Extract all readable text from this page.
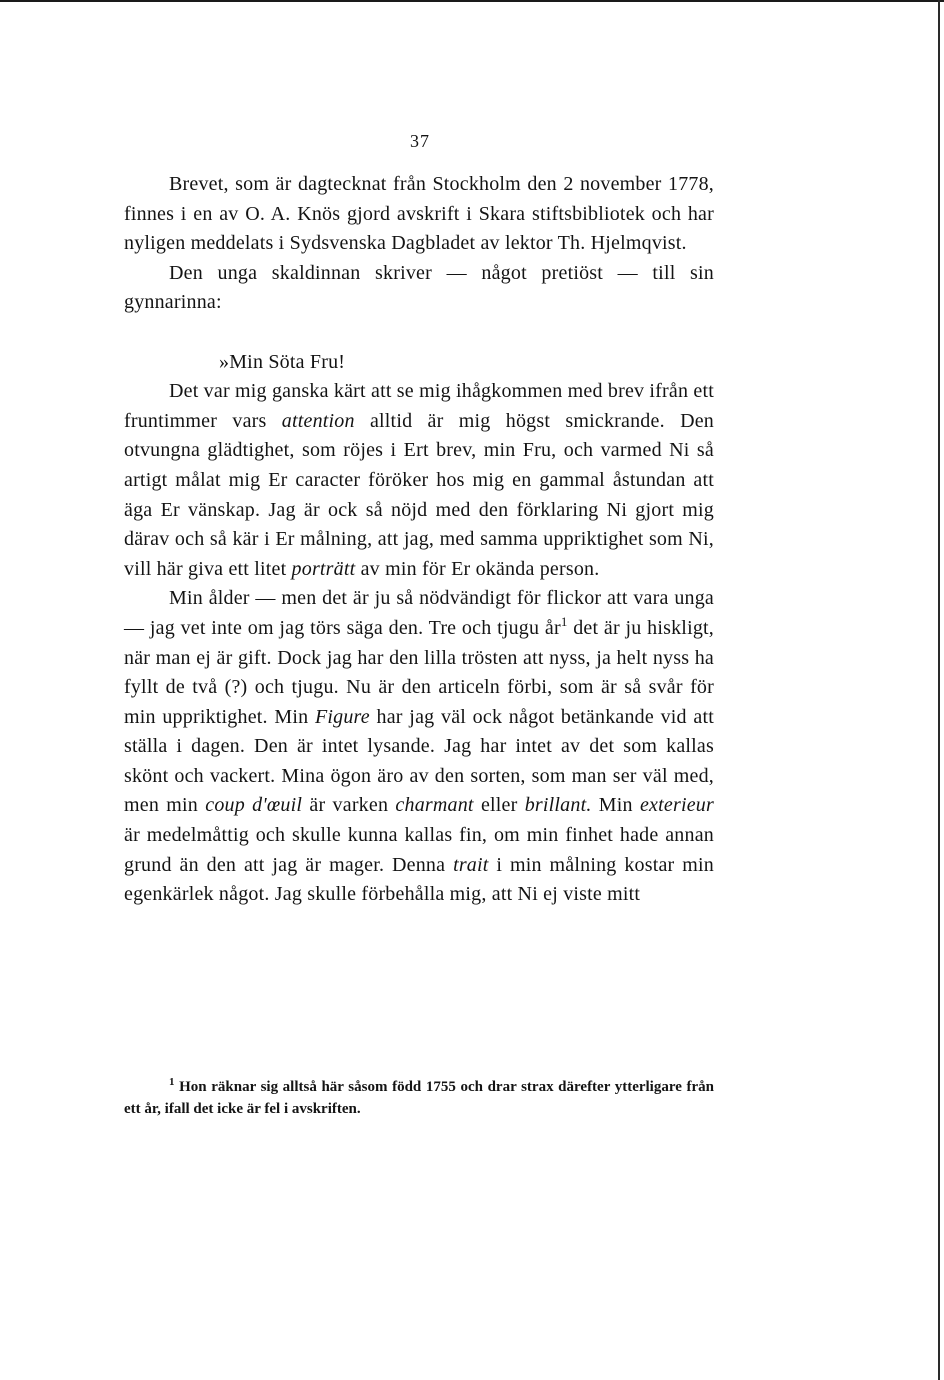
37

Brevet, som är dagtecknat från Stockholm den 2 november 1778, finnes i en av O. A. Knös gjord avskrift i Skara stiftsbibliotek och har nyligen meddelats i Sydsvenska Dagbladet av lektor Th. Hjelmqvist.

Den unga skaldinnan skriver — något pretiöst — till sin gynnarinna:

»Min Söta Fru!

Det var mig ganska kärt att se mig ihågkommen med brev ifrån ett fruntimmer vars attention alltid är mig högst smickrande. Den otvungna glädtighet, som röjes i Ert brev, min Fru, och varmed Ni så artigt målat mig Er caracter föröker hos mig en gammal åstundan att äga Er vänskap. Jag är ock så nöjd med den förklaring Ni gjort mig därav och så kär i Er målning, att jag, med samma uppriktighet som Ni, vill här giva ett litet porträtt av min för Er okända person.

Min ålder — men det är ju så nödvändigt för flickor att vara unga — jag vet inte om jag törs säga den. Tre och tjugu $år^1$ det är ju hiskligt, när man ej är gift. Dock jag har den lilla trösten att nyss, ja helt nyss ha fyllt de två (?) och tjugu. Nu är den articeln förbi, som är så svår för min uppriktighet. Min Figure har jag väl ock något betänkande vid att ställa i dagen. Den är intet lysande. Jag har intet av det som kallas skönt och vackert. Mina ögon äro av den sorten, som man ser väl med, men min coup d'œuil är varken charmant eller brillant. Min exterieur är medelmåttig och skulle kunna kallas fin, om min finhet hade annan grund än den att jag är mager. Denna trait i min målning kostar min egenkärlek något. Jag skulle förbehålla mig, att Ni ej viste mitt

$^1$ Hon räknar sig alltså här såsom född 1755 och drar strax därefter ytterligare från ett år, ifall det icke är fel i avskriften.
